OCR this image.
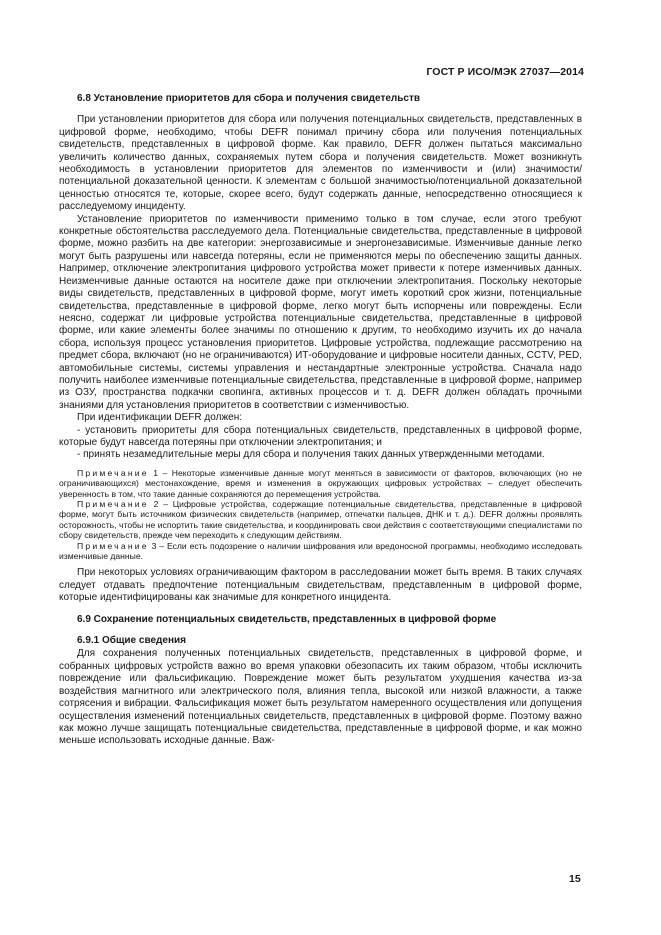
ГОСТ Р ИСО/МЭК 27037—2014
6.8 Установление приоритетов для сбора и получения свидетельств

При установлении приоритетов для сбора или получения потенциальных свидетельств, представленных в цифровой форме, необходимо, чтобы DEFR понимал причину сбора или получения потенциальных свидетельств, представленных в цифровой форме. Как правило, DEFR должен пытаться максимально увеличить количество данных, сохраняемых путем сбора и получения свидетельств. Может возникнуть необходимость в установлении приоритетов для элементов по изменчивости и (или) значимости/потенциальной доказательной ценности. К элементам с большой значимостью/потенциальной доказательной ценностью относятся те, которые, скорее всего, будут содержать данные, непосредственно относящиеся к расследуемому инциденту.

Установление приоритетов по изменчивости применимо только в том случае, если этого требуют конкретные обстоятельства расследуемого дела. Потенциальные свидетельства, представленные в цифровой форме, можно разбить на две категории: энергозависимые и энергонезависимые. Изменчивые данные легко могут быть разрушены или навсегда потеряны, если не применяются меры по обеспечению защиты данных. Например, отключение электропитания цифрового устройства может привести к потере изменчивых данных. Неизменчивые данные остаются на носителе даже при отключении электропитания. Поскольку некоторые виды свидетельств, представленных в цифровой форме, могут иметь короткий срок жизни, потенциальные свидетельства, представленные в цифровой форме, легко могут быть испорчены или повреждены. Если неясно, содержат ли цифровые устройства потенциальные свидетельства, представленные в цифровой форме, или какие элементы более значимы по отношению к другим, то необходимо изучить их до начала сбора, используя процесс установления приоритетов. Цифровые устройства, подлежащие рассмотрению на предмет сбора, включают (но не ограничиваются) ИТ-оборудование и цифровые носители данных, CCTV, PED, автомобильные системы, системы управления и нестандартные электронные устройства. Сначала надо получить наиболее изменчивые потенциальные свидетельства, представленные в цифровой форме, например из ОЗУ, пространства подкачки свопинга, активных процессов и т. д. DEFR должен обладать прочными знаниями для установления приоритетов в соответствии с изменчивостью.

При идентификации DEFR должен:

- установить приоритеты для сбора потенциальных свидетельств, представленных в цифровой форме, которые будут навсегда потеряны при отключении электропитания; и

- принять незамедлительные меры для сбора и получения таких данных утвержденными методами.

Примечание 1 – Некоторые изменчивые данные могут меняться в зависимости от факторов, включающих (но не ограничивающихся) местонахождение, время и изменения в окружающих цифровых устройствах – следует обеспечить уверенность в том, что такие данные сохраняются до перемещения устройства.

Примечание 2 – Цифровые устройства, содержащие потенциальные свидетельства, представленные в цифровой форме, могут быть источником физических свидетельств (например, отпечатки пальцев, ДНК и т. д.). DEFR должны проявлять осторожность, чтобы не испортить такие свидетельства, и координировать свои действия с соответствующими специалистами по сбору свидетельств, прежде чем переходить к следующим действиям.

Примечание 3 – Если есть подозрение о наличии шифрования или вредоносной программы, необходимо исследовать изменчивые данные.

При некоторых условиях ограничивающим фактором в расследовании может быть время. В таких случаях следует отдавать предпочтение потенциальным свидетельствам, представленным в цифровой форме, которые идентифицированы как значимые для конкретного инцидента.

6.9 Сохранение потенциальных свидетельств, представленных в цифровой форме
6.9.1 Общие сведения

Для сохранения полученных потенциальных свидетельств, представленных в цифровой форме, и собранных цифровых устройств важно во время упаковки обезопасить их таким образом, чтобы исключить повреждение или фальсификацию. Повреждение может быть результатом ухудшения качества из-за воздействия магнитного или электрического поля, влияния тепла, высокой или низкой влажности, а также сотрясения и вибрации. Фальсификация может быть результатом намеренного осуществления или допущения осуществления изменений потенциальных свидетельств, представленных в цифровой форме. Поэтому важно как можно лучше защищать потенциальные свидетельства, представленные в цифровой форме, и как можно меньше использовать исходные данные. Важ-

15
